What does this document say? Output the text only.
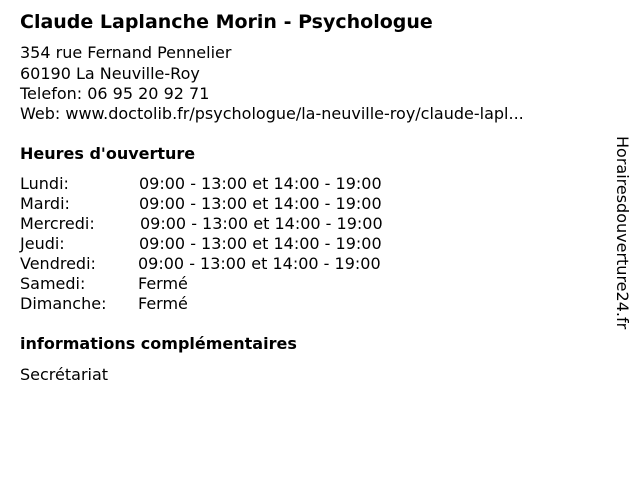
Claude Laplanche Morin - Psychologue
354 rue Fernand Pennelier
60190 La Neuville-Roy
Telefon: 06 95 20 92 71
Web: www.doctolib.fr/psychologue/la-neuville-roy/claude-lapl...
Heures d'ouverture
Lundi:	09:00 - 13:00 et 14:00 - 19:00
Mardi:	09:00 - 13:00 et 14:00 - 19:00
Mercredi:	09:00 - 13:00 et 14:00 - 19:00
Jeudi:	09:00 - 13:00 et 14:00 - 19:00
Vendredi:	09:00 - 13:00 et 14:00 - 19:00
Samedi:	Fermé
Dimanche: Fermé
informations complémentaires
Secrétariat
Horairesdouverture24.fr
